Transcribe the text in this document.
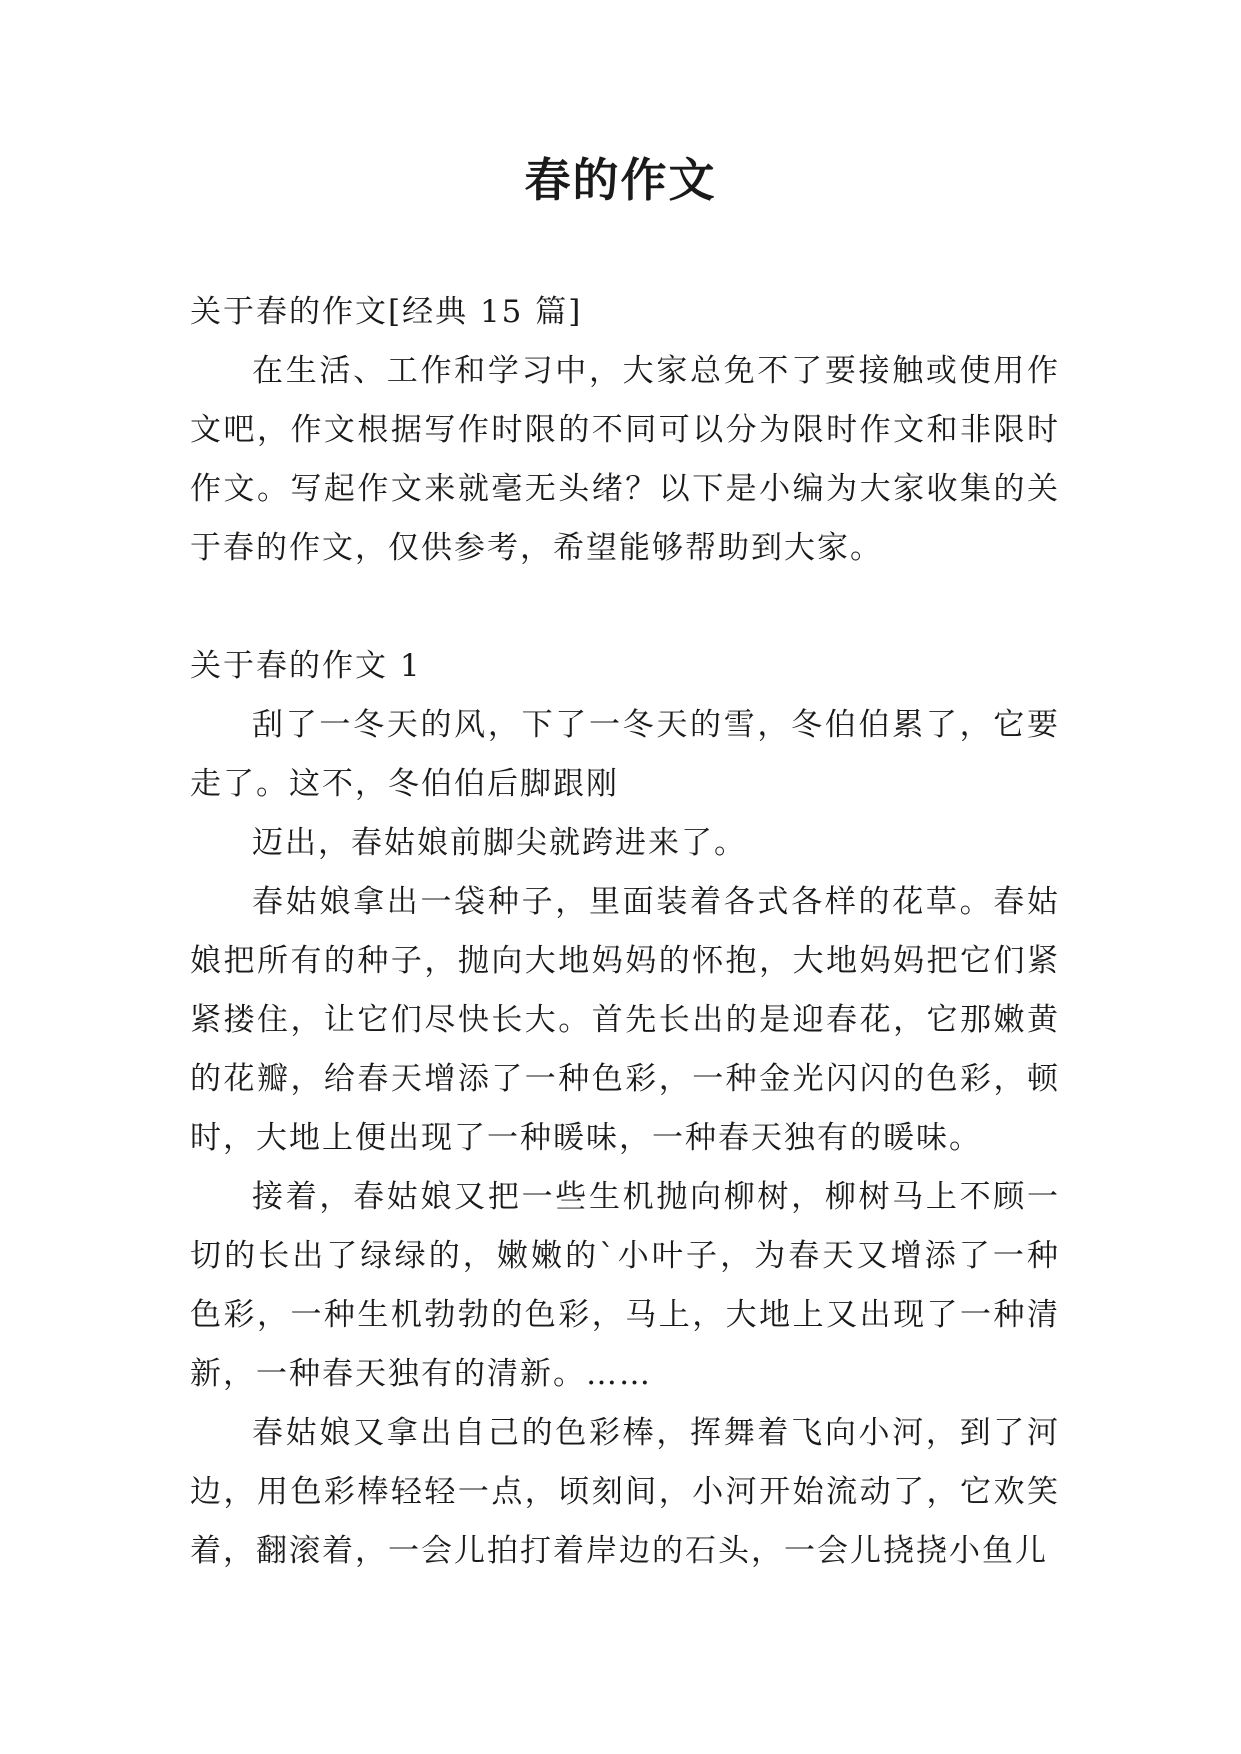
春的作文

关于春的作文[经典 15 篇]

在生活、工作和学习中，大家总免不了要接触或使用作文吧，作文根据写作时限的不同可以分为限时作文和非限时作文。写起作文来就毫无头绪？以下是小编为大家收集的关于春的作文，仅供参考，希望能够帮助到大家。

关于春的作文 1

刮了一冬天的风，下了一冬天的雪，冬伯伯累了，它要走了。这不，冬伯伯后脚跟刚

迈出，春姑娘前脚尖就跨进来了。

春姑娘拿出一袋种子，里面装着各式各样的花草。春姑娘把所有的种子，抛向大地妈妈的怀抱，大地妈妈把它们紧紧搂住，让它们尽快长大。首先长出的是迎春花，它那嫩黄的花瓣，给春天增添了一种色彩，一种金光闪闪的色彩，顿时，大地上便出现了一种暖味，一种春天独有的暖味。

接着，春姑娘又把一些生机抛向柳树，柳树马上不顾一切的长出了绿绿的，嫩嫩的`小叶子，为春天又增添了一种色彩，一种生机勃勃的色彩，马上，大地上又出现了一种清新，一种春天独有的清新。……

春姑娘又拿出自己的色彩棒，挥舞着飞向小河，到了河边，用色彩棒轻轻一点，顷刻间，小河开始流动了，它欢笑着，翻滚着，一会儿拍打着岸边的石头，一会儿挠挠小鱼儿
